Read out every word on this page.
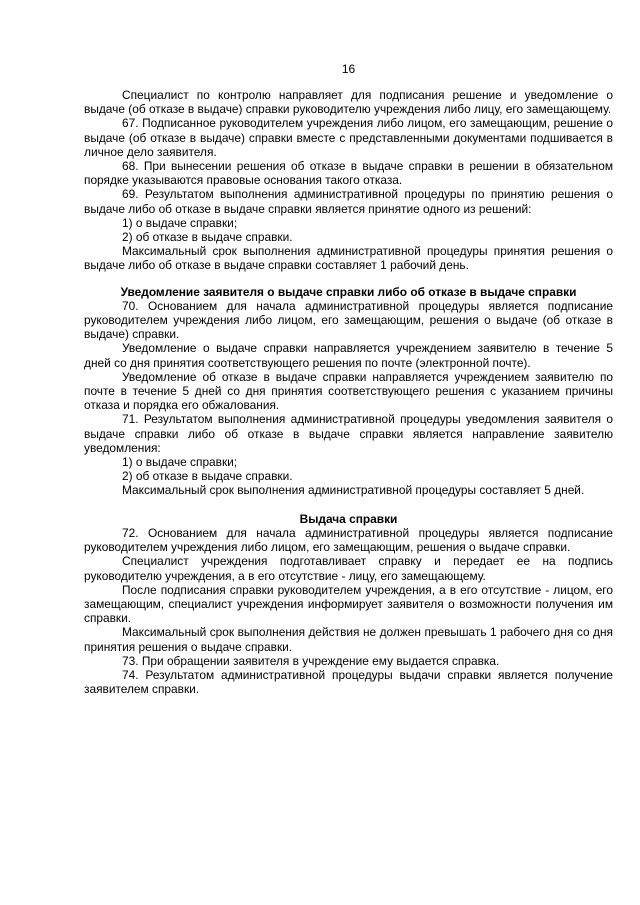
16

Специалист по контролю направляет для подписания решение и уведомление о выдаче (об отказе в выдаче) справки руководителю учреждения либо лицу, его замещающему.

67. Подписанное руководителем учреждения либо лицом, его замещающим, решение о выдаче (об отказе в выдаче) справки вместе с представленными документами подшивается в личное дело заявителя.

68. При вынесении решения об отказе в выдаче справки в решении в обязательном порядке указываются правовые основания такого отказа.

69. Результатом выполнения административной процедуры по принятию решения о выдаче либо об отказе в выдаче справки является принятие одного из решений:

1) о выдаче справки;

2) об отказе в выдаче справки.

Максимальный срок выполнения административной процедуры принятия решения о выдаче либо об отказе в выдаче справки составляет 1 рабочий день.

Уведомление заявителя о выдаче справки либо об отказе в выдаче справки

70. Основанием для начала административной процедуры является подписание руководителем учреждения либо лицом, его замещающим, решения о выдаче (об отказе в выдаче) справки.

Уведомление о выдаче справки направляется учреждением заявителю в течение 5 дней со дня принятия соответствующего решения по почте (электронной почте).

Уведомление об отказе в выдаче справки направляется учреждением заявителю по почте в течение 5 дней со дня принятия соответствующего решения с указанием причины отказа и порядка его обжалования.

71. Результатом выполнения административной процедуры уведомления заявителя о выдаче справки либо об отказе в выдаче справки является направление заявителю уведомления:

1) о выдаче справки;

2) об отказе в выдаче справки.

Максимальный срок выполнения административной процедуры составляет 5 дней.

Выдача справки

72. Основанием для начала административной процедуры является подписание руководителем учреждения либо лицом, его замещающим, решения о выдаче справки.

Специалист учреждения подготавливает справку и передает ее на подпись руководителю учреждения, а в его отсутствие - лицу, его замещающему.

После подписания справки руководителем учреждения, а в его отсутствие - лицом, его замещающим, специалист учреждения информирует заявителя о возможности получения им справки.

Максимальный срок выполнения действия не должен превышать 1 рабочего дня со дня принятия решения о выдаче справки.

73. При обращении заявителя в учреждение ему выдается справка.

74. Результатом административной процедуры выдачи справки является получение заявителем справки.
